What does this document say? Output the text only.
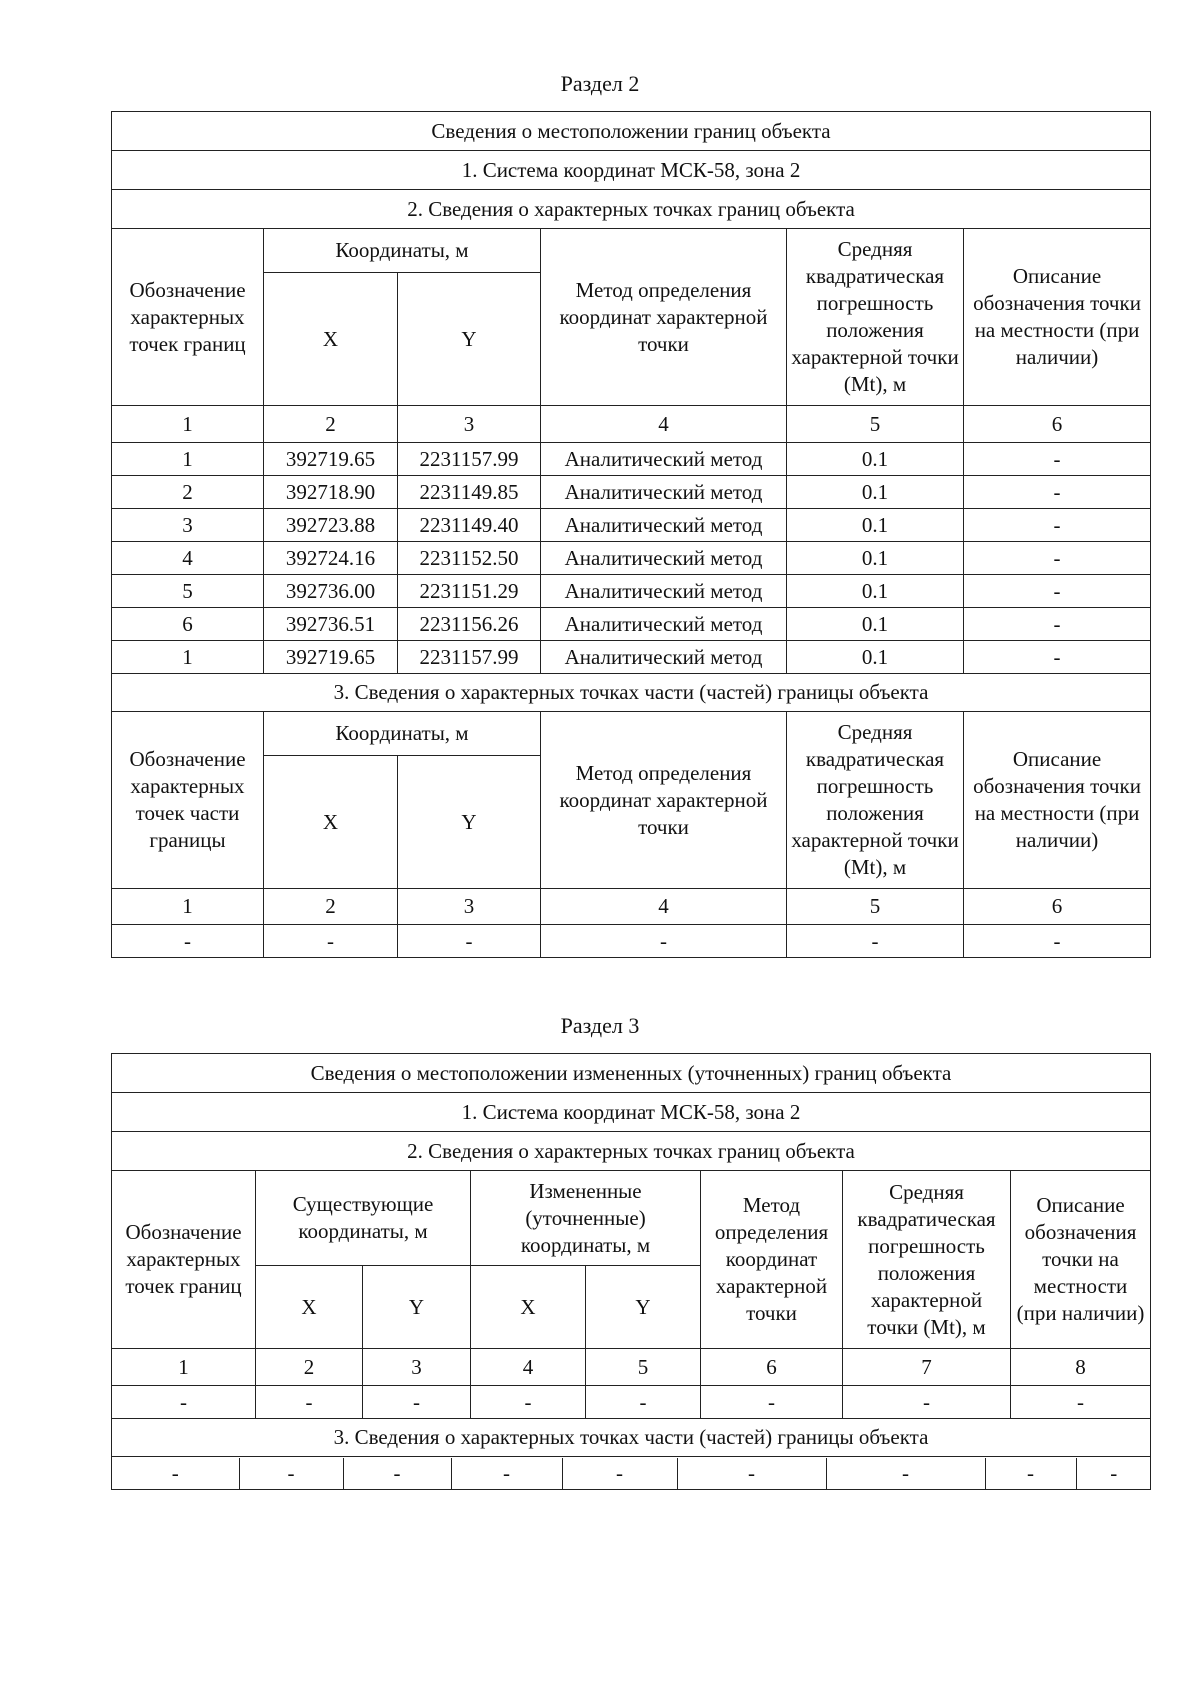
Раздел 2
Сведения о местоположении границ объекта					
1. Система координат МСК-58, зона 2					
2. Сведения о характерных точках границ объекта					
Обозначение характерных точек границ	Координаты, м		Метод определения координат характерной точки	Средняя квадратическая погрешность положения характерной точки (Mt), м	Описание обозначения точки на местности (при наличии)
	X	Y			
1	2	3	4	5	6
1	392719.65	2231157.99	Аналитический метод	0.1	-
2	392718.90	2231149.85	Аналитический метод	0.1	-
3	392723.88	2231149.40	Аналитический метод	0.1	-
4	392724.16	2231152.50	Аналитический метод	0.1	-
5	392736.00	2231151.29	Аналитический метод	0.1	-
6	392736.51	2231156.26	Аналитический метод	0.1	-
1	392719.65	2231157.99	Аналитический метод	0.1	-
3. Сведения о характерных точках части (частей) границы объекта					
Обозначение характерных точек части границы	Координаты, м		Метод определения координат характерной точки	Средняя квадратическая погрешность положения характерной точки (Mt), м	Описание обозначения точки на местности (при наличии)
	X	Y			
1	2	3	4	5	6
-	-	-	-	-	-
Раздел 3
Сведения о местоположении измененных (уточненных) границ объекта
1. Система координат МСК-58, зона 2
2. Сведения о характерных точках границ объекта
Обозначение характерных точек границ	Существующие координаты, м	Измененные (уточненные) координаты, м	Метод определения координат характерной точки	Средняя квадратическая погрешность положения характерной точки (Mt), м	Описание обозначения точки на местности (при наличии)
X	Y	X	Y
1	2	3	4	5	6	7	8
-	-	-	-	-	-	-	-
3. Сведения о характерных точках части (частей) границы объекта

-	-	-	-	-	-	-	-	-
